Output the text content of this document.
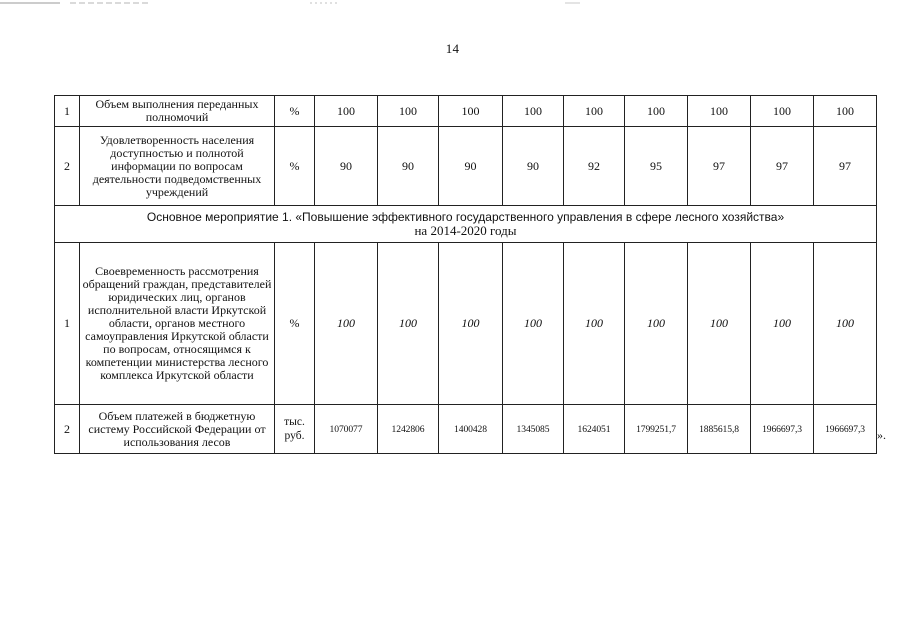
14
1	Объем выполнения переданных полномочий	%	100	100	100	100	100	100	100	100	100
2	Удовлетворенность населения доступностью и полнотой информации по вопросам деятельности подведомственных учреждений	%	90	90	90	90	92	95	97	97	97

Основное мероприятие 1. «Повышение эффективного государственного управления в сфере лесного хозяйства»
на 2014-2020 годы											

1	Своевременность рассмотрения обращений граждан, представителей юридических лиц, органов исполнительной власти Иркутской области, органов местного самоуправления Иркутской области по вопросам, относящимся к компетенции министерства лесного комплекса Иркутской области	%	100	100	100	100	100	100	100	100	100
2	Объем платежей в бюджетную систему Российской Федерации от использования лесов	тыс. руб.	1070077	1242806	1400428	1345085	1624051	1799251,7	1885615,8	1966697,3	1966697,3 ».
